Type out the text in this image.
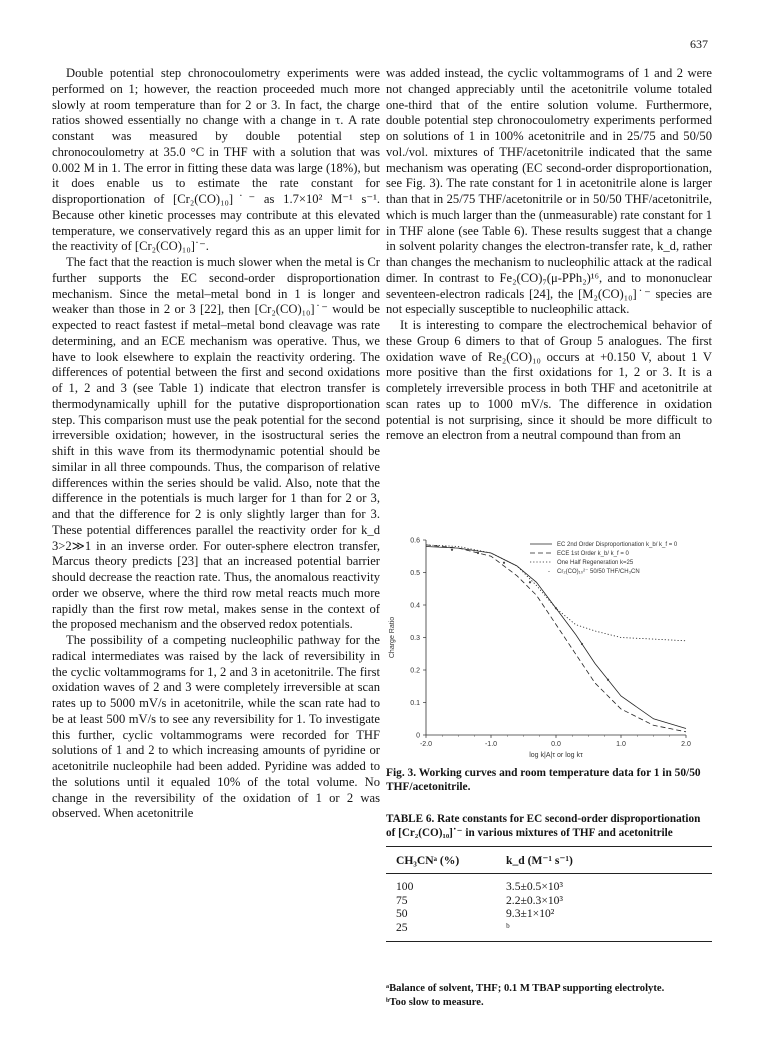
637

Double potential step chronocoulometry experiments were performed on 1; however, the reaction proceeded much more slowly at room temperature than for 2 or 3. In fact, the charge ratios showed essentially no change with a change in τ. A rate constant was measured by double potential step chronocoulometry at 35.0 °C in THF with a solution that was 0.002 M in 1. The error in fitting these data was large (18%), but it does enable us to estimate the rate constant for disproportionation of [Cr₂(CO)₁₀]˙⁻ as 1.7×10² M⁻¹ s⁻¹. Because other kinetic processes may contribute at this elevated temperature, we conservatively regard this as an upper limit for the reactivity of [Cr₂(CO)₁₀]˙⁻.

The fact that the reaction is much slower when the metal is Cr further supports the EC second-order disproportionation mechanism. Since the metal–metal bond in 1 is longer and weaker than those in 2 or 3 [22], then [Cr₂(CO)₁₀]˙⁻ would be expected to react fastest if metal–metal bond cleavage was rate determining, and an ECE mechanism was operative. Thus, we have to look elsewhere to explain the reactivity ordering. The differences of potential between the first and second oxidations of 1, 2 and 3 (see Table 1) indicate that electron transfer is thermodynamically uphill for the putative disproportionation step. This comparison must use the peak potential for the second irreversible oxidation; however, in the isostructural series the shift in this wave from its thermodynamic potential should be similar in all three compounds. Thus, the comparison of relative differences within the series should be valid. Also, note that the difference in the potentials is much larger for 1 than for 2 or 3, and that the difference for 2 is only slightly larger than for 3. These potential differences parallel the reactivity order for k_d 3>2≫1 in an inverse order. For outer-sphere electron transfer, Marcus theory predicts [23] that an increased potential barrier should decrease the reaction rate. Thus, the anomalous reactivity order we observe, where the third row metal reacts much more rapidly than the first row metal, makes sense in the context of the proposed mechanism and the observed redox potentials.

The possibility of a competing nucleophilic pathway for the radical intermediates was raised by the lack of reversibility in the cyclic voltammograms for 1, 2 and 3 in acetonitrile. The first oxidation waves of 2 and 3 were completely irreversible at scan rates up to 5000 mV/s in acetonitrile, while the scan rate had to be at least 500 mV/s to see any reversibility for 1. To investigate this further, cyclic voltammograms were recorded for THF solutions of 1 and 2 to which increasing amounts of pyridine or acetonitrile nucleophile had been added. Pyridine was added to the solutions until it equaled 10% of the total volume. No change in the reversibility of the oxidation of 1 or 2 was observed. When acetonitrile

was added instead, the cyclic voltammograms of 1 and 2 were not changed appreciably until the acetonitrile volume totaled one-third that of the entire solution volume. Furthermore, double potential step chronocoulometry experiments performed on solutions of 1 in 100% acetonitrile and in 25/75 and 50/50 vol./vol. mixtures of THF/acetonitrile indicated that the same mechanism was operating (EC second-order disproportionation, see Fig. 3). The rate constant for 1 in acetonitrile alone is larger than that in 25/75 THF/acetonitrile or in 50/50 THF/acetonitrile, which is much larger than the (unmeasurable) rate constant for 1 in THF alone (see Table 6). These results suggest that a change in solvent polarity changes the electron-transfer rate, k_d, rather than changes the mechanism to nucleophilic attack at the radical dimer. In contrast to Fe₂(CO)₇(μ-PPh₂)¹⁶, and to mononuclear seventeen-electron radicals [24], the [M₂(CO)₁₀]˙⁻ species are not especially susceptible to nucleophilic attack.

It is interesting to compare the electrochemical behavior of these Group 6 dimers to that of Group 5 analogues. The first oxidation wave of Re₂(CO)₁₀ occurs at +0.150 V, about 1 V more positive than the first oxidations for 1, 2 or 3. It is a completely irreversible process in both THF and acetonitrile at scan rates up to 1000 mV/s. The difference in oxidation potential is not surprising, since it should be more difficult to remove an electron from a neutral compound than from an

0
0.1
0.2
0.3
0.4
0.5
0.6
-2.0	-1.0	0.0	1.0	2.0
log k|A|τ or log kτ
Charge Ratio
EC 2nd Order Disproportionation k_b/ k_f = 0
ECE 1st Order k_b/ k_f = 0
One Half Regeneration k=25
- Cr₂(CO)₁₀²⁻ 50/50 THF/CH₃CN
Fig. 3. Working curves and room temperature data for 1 in 50/50 THF/acetonitrile.
TABLE 6. Rate constants for EC second-order disproportionation of [Cr₂(CO)₁₀]˙⁻ in various mixtures of THF and acetonitrile
CH₃CNᵃ (%)	k_d (M⁻¹ s⁻¹)
100	3.5±0.5×10³
75	2.2±0.3×10³
50	9.3±1×10²
25	ᵇ

ᵃBalance of solvent, THF; 0.1 M TBAP supporting electrolyte.

ᵇToo slow to measure.
